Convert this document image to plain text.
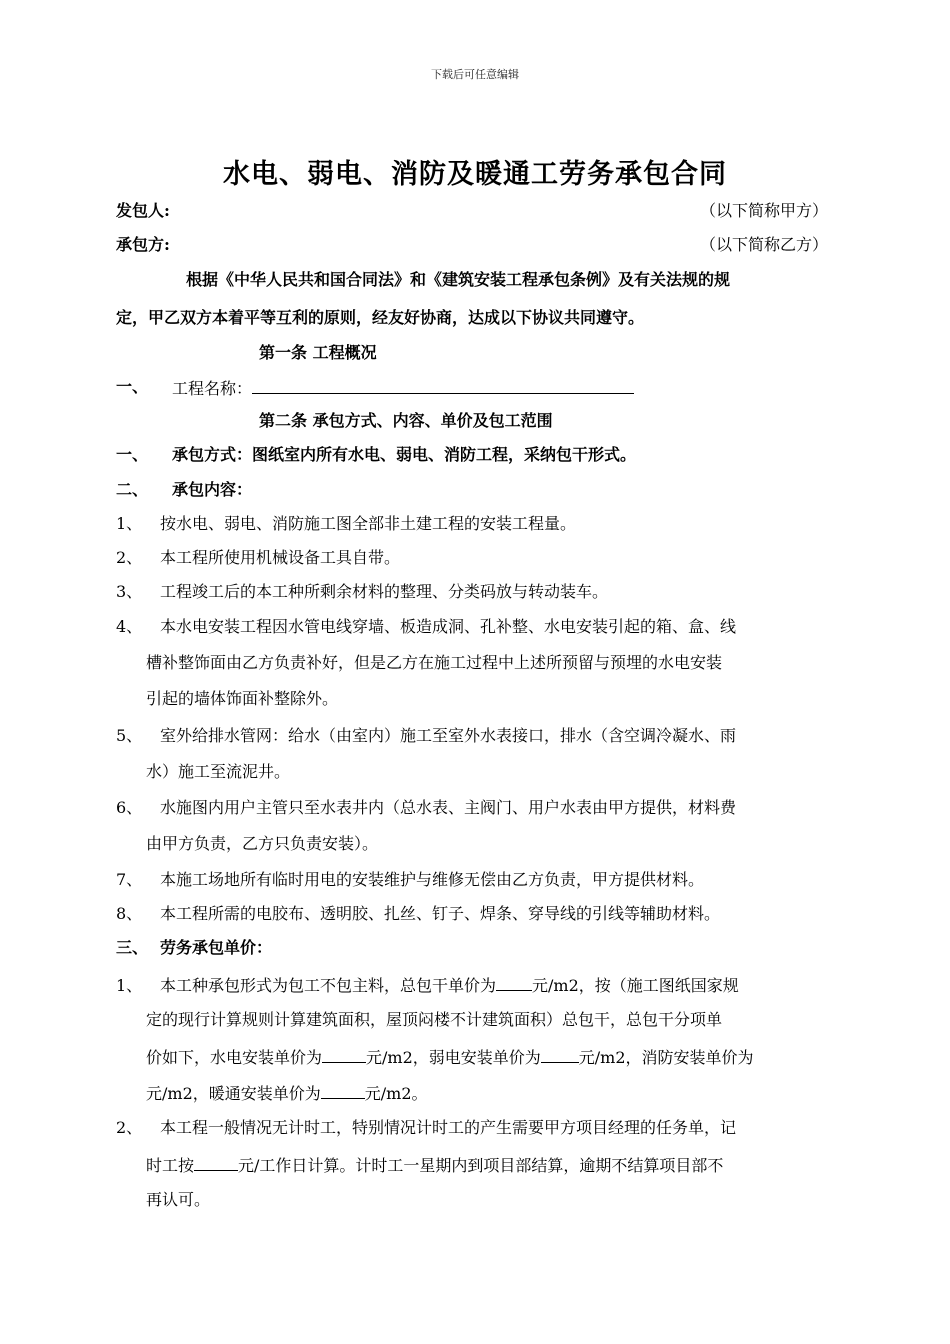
下载后可任意编辑
水电、弱电、消防及暖通工劳务承包合同
发包人:	（以下简称甲方）
承包方:	（以下简称乙方）
根据《中华人民共和国合同法》和《建筑安装工程承包条例》及有关法规的规
定，甲乙双方本着平等互利的原则，经友好协商，达成以下协议共同遵守。
第一条 工程概况
一、 工程名称：
第二条 承包方式、内容、单价及包工范围
一、 承包方式：图纸室内所有水电、弱电、消防工程，采纳包干形式。
二、 承包内容：
1、 按水电、弱电、消防施工图全部非土建工程的安装工程量。
2、 本工程所使用机械设备工具自带。
3、 工程竣工后的本工种所剩余材料的整理、分类码放与转动装车。
4、 本水电安装工程因水管电线穿墙、板造成洞、孔补整、水电安装引起的箱、盒、线
槽补整饰面由乙方负责补好，但是乙方在施工过程中上述所预留与预埋的水电安装
引起的墙体饰面补整除外。
5、 室外给排水管网：给水（由室内）施工至室外水表接口，排水（含空调冷凝水、雨
水）施工至流泥井。
6、 水施图内用户主管只至水表井内（总水表、主阀门、用户水表由甲方提供，材料费
由甲方负责，乙方只负责安装）。
7、 本施工场地所有临时用电的安装维护与维修无偿由乙方负责，甲方提供材料。
8、 本工程所需的电胶布、透明胶、扎丝、钉子、焊条、穿导线的引线等辅助材料。
三、 劳务承包单价：
1、 本工种承包形式为包工不包主料，总包干单价为 元/m2，按（施工图纸国家规
定的现行计算规则计算建筑面积，屋顶闷楼不计建筑面积）总包干，总包干分项单
价如下，水电安装单价为	元/m2，弱电安装单价为 元/m2，消防安装单价为
元/m2，暖通安装单价为	元/m2。
2、 本工程一般情况无计时工，特别情况计时工的产生需要甲方项目经理的任务单，记
时工按	元/工作日计算。计时工一星期内到项目部结算，逾期不结算项目部不
再认可。
